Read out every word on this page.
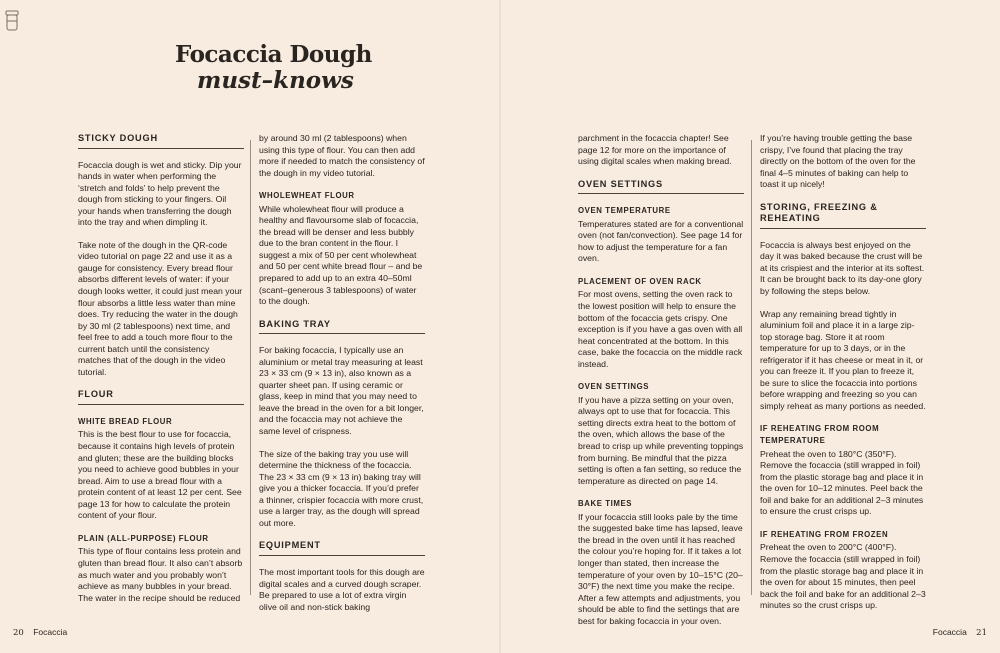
Focaccia Dough
must–knows
STICKY DOUGH

Focaccia dough is wet and sticky. Dip your hands in water when performing the ‘stretch and folds’ to help prevent the dough from sticking to your fingers. Oil your hands when transferring the dough into the tray and when dimpling it.

Take note of the dough in the QR-code video tutorial on page 22 and use it as a gauge for consistency. Every bread flour absorbs different levels of water: if your dough looks wetter, it could just mean your flour absorbs a little less water than mine does. Try reducing the water in the dough by 30 ml (2 tablespoons) next time, and feel free to add a touch more flour to the current batch until the consistency matches that of the dough in the video tutorial.

FLOUR
WHITE BREAD FLOUR

This is the best flour to use for focaccia, because it contains high levels of protein and gluten; these are the building blocks you need to achieve good bubbles in your bread. Aim to use a bread flour with a protein content of at least 12 per cent. See page 13 for how to calculate the protein content of your flour.

PLAIN (ALL-PURPOSE) FLOUR

This type of flour contains less protein and gluten than bread flour. It also can’t absorb as much water and you probably won’t achieve as many bubbles in your bread. The water in the recipe should be reduced

by around 30 ml (2 tablespoons) when using this type of flour. You can then add more if needed to match the consistency of the dough in my video tutorial.

WHOLEWHEAT FLOUR

While wholewheat flour will produce a healthy and flavoursome slab of focaccia, the bread will be denser and less bubbly due to the bran content in the flour. I suggest a mix of 50 per cent wholewheat and 50 per cent white bread flour – and be prepared to add up to an extra 40–50ml (scant–generous 3 tablespoons) of water to the dough.

BAKING TRAY

For baking focaccia, I typically use an aluminium or metal tray measuring at least 23 × 33 cm (9 × 13 in), also known as a quarter sheet pan. If using ceramic or glass, keep in mind that you may need to leave the bread in the oven for a bit longer, and the focaccia may not achieve the same level of crispness.

The size of the baking tray you use will determine the thickness of the focaccia. The 23 × 33 cm (9 × 13 in) baking tray will give you a thicker focaccia. If you’d prefer a thinner, crispier focaccia with more crust, use a larger tray, as the dough will spread out more.

EQUIPMENT

The most important tools for this dough are digital scales and a curved dough scraper. Be prepared to use a lot of extra virgin olive oil and non-stick baking

parchment in the focaccia chapter! See page 12 for more on the importance of using digital scales when making bread.

OVEN SETTINGS
OVEN TEMPERATURE

Temperatures stated are for a conventional oven (not fan/convection). See page 14 for how to adjust the temperature for a fan oven.

PLACEMENT OF OVEN RACK

For most ovens, setting the oven rack to the lowest position will help to ensure the bottom of the focaccia gets crispy. One exception is if you have a gas oven with all heat concentrated at the bottom. In this case, bake the focaccia on the middle rack instead.

OVEN SETTINGS

If you have a pizza setting on your oven, always opt to use that for focaccia. This setting directs extra heat to the bottom of the oven, which allows the base of the bread to crisp up while preventing toppings from burning. Be mindful that the pizza setting is often a fan setting, so reduce the temperature as directed on page 14.

BAKE TIMES

If your focaccia still looks pale by the time the suggested bake time has lapsed, leave the bread in the oven until it has reached the colour you’re hoping for. If it takes a lot longer than stated, then increase the temperature of your oven by 10–15°C (20–30°F) the next time you make the recipe. After a few attempts and adjustments, you should be able to find the settings that are best for baking focaccia in your oven.

If you’re having trouble getting the base crispy, I’ve found that placing the tray directly on the bottom of the oven for the final 4–5 minutes of baking can help to toast it up nicely!

STORING, FREEZING & REHEATING

Focaccia is always best enjoyed on the day it was baked because the crust will be at its crispiest and the interior at its softest. It can be brought back to its day-one glory by following the steps below.

Wrap any remaining bread tightly in aluminium foil and place it in a large zip-top storage bag. Store it at room temperature for up to 3 days, or in the refrigerator if it has cheese or meat in it, or you can freeze it. If you plan to freeze it, be sure to slice the focaccia into portions before wrapping and freezing so you can simply reheat as many portions as needed.

IF REHEATING FROM ROOM TEMPERATURE

Preheat the oven to 180°C (350°F). Remove the focaccia (still wrapped in foil) from the plastic storage bag and place it in the oven for 10–12 minutes. Peel back the foil and bake for an additional 2–3 minutes to ensure the crust crisps up.

IF REHEATING FROM FROZEN

Preheat the oven to 200°C (400°F). Remove the focaccia (still wrapped in foil) from the plastic storage bag and place it in the oven for about 15 minutes, then peel back the foil and bake for an additional 2–3 minutes so the crust crisps up.

20 Focaccia	Focaccia 21
